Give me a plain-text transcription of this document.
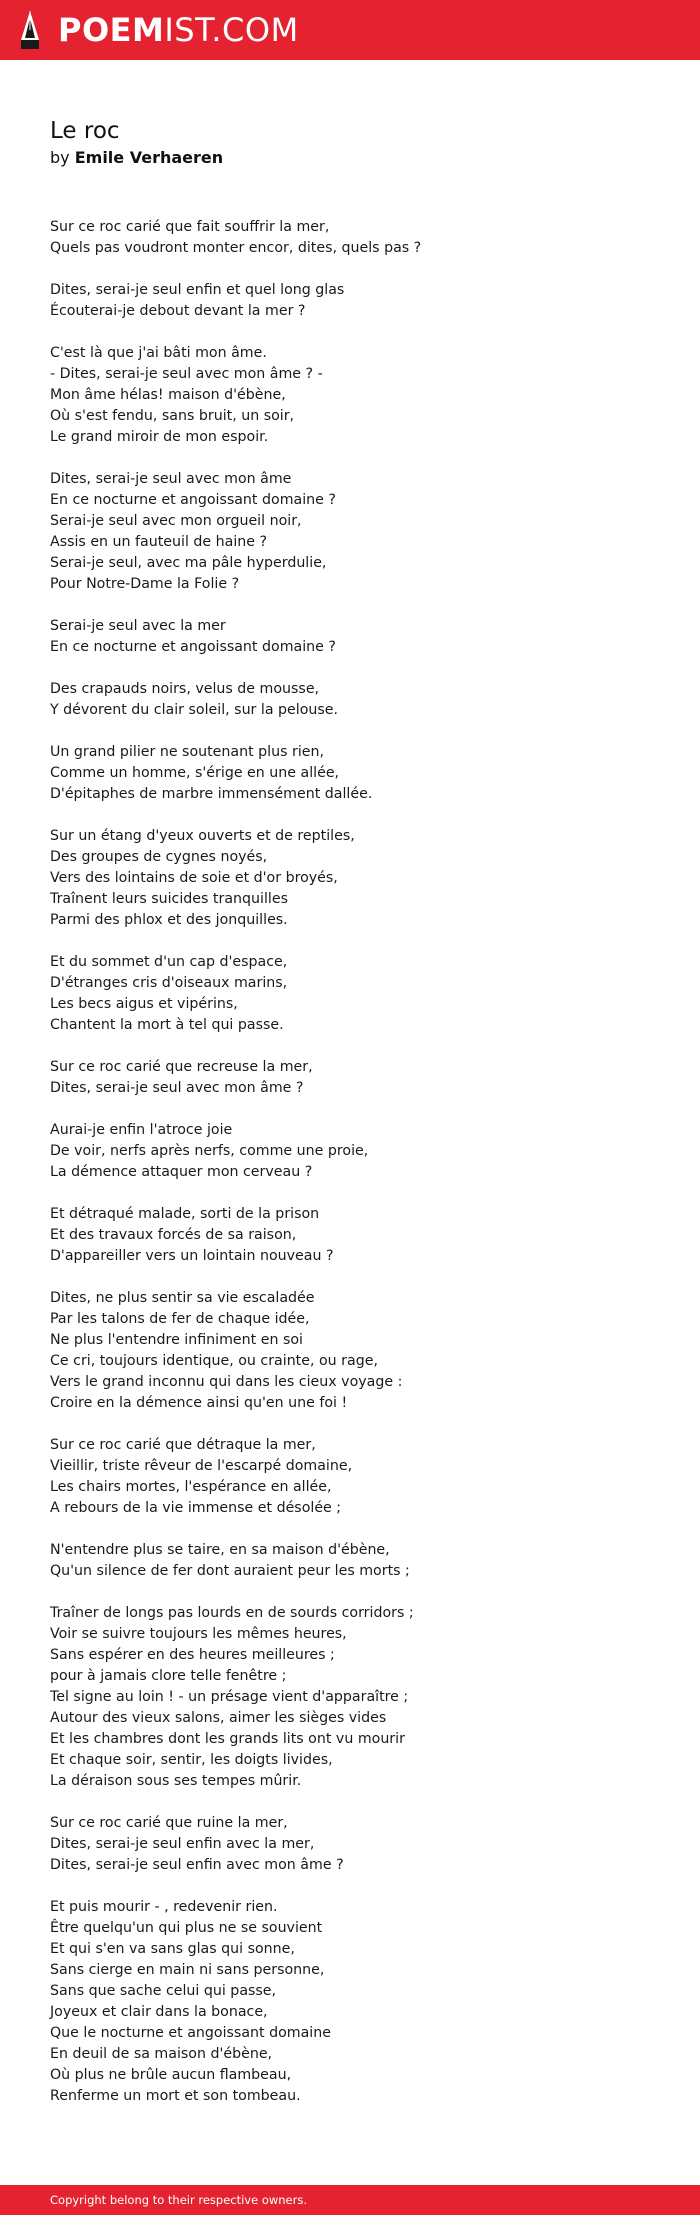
POEM IST.COM
Le roc
by Emile Verhaeren
Sur ce roc carié que fait souffrir la mer,
Quels pas voudront monter encor, dites, quels pas ?
Dites, serai-je seul enfin et quel long glas
Écouterai-je debout devant la mer ?
C'est là que j'ai bâti mon âme.
- Dites, serai-je seul avec mon âme ? -
Mon âme hélas! maison d'ébène,
Où s'est fendu, sans bruit, un soir,
Le grand miroir de mon espoir.
Dites, serai-je seul avec mon âme
En ce nocturne et angoissant domaine ?
Serai-je seul avec mon orgueil noir,
Assis en un fauteuil de haine ?
Serai-je seul, avec ma pâle hyperdulie,
Pour Notre-Dame la Folie ?
Serai-je seul avec la mer
En ce nocturne et angoissant domaine ?
Des crapauds noirs, velus de mousse,
Y dévorent du clair soleil, sur la pelouse.
Un grand pilier ne soutenant plus rien,
Comme un homme, s'érige en une allée,
D'épitaphes de marbre immensément dallée.
Sur un étang d'yeux ouverts et de reptiles,
Des groupes de cygnes noyés,
Vers des lointains de soie et d'or broyés,
Traînent leurs suicides tranquilles
Parmi des phlox et des jonquilles.
Et du sommet d'un cap d'espace,
D'étranges cris d'oiseaux marins,
Les becs aigus et vipérins,
Chantent la mort à tel qui passe.
Sur ce roc carié que recreuse la mer,
Dites, serai-je seul avec mon âme ?
Aurai-je enfin l'atroce joie
De voir, nerfs après nerfs, comme une proie,
La démence attaquer mon cerveau ?
Et détraqué malade, sorti de la prison
Et des travaux forcés de sa raison,
D'appareiller vers un lointain nouveau ?
Dites, ne plus sentir sa vie escaladée
Par les talons de fer de chaque idée,
Ne plus l'entendre infiniment en soi
Ce cri, toujours identique, ou crainte, ou rage,
Vers le grand inconnu qui dans les cieux voyage :
Croire en la démence ainsi qu'en une foi !
Sur ce roc carié que détraque la mer,
Vieillir, triste rêveur de l'escarpé domaine,
Les chairs mortes, l'espérance en allée,
A rebours de la vie immense et désolée ;
N'entendre plus se taire, en sa maison d'ébène,
Qu'un silence de fer dont auraient peur les morts ;
Traîner de longs pas lourds en de sourds corridors ;
Voir se suivre toujours les mêmes heures,
Sans espérer en des heures meilleures ;
pour à jamais clore telle fenêtre ;
Tel signe au loin ! - un présage vient d'apparaître ;
Autour des vieux salons, aimer les sièges vides
Et les chambres dont les grands lits ont vu mourir
Et chaque soir, sentir, les doigts livides,
La déraison sous ses tempes mûrir.
Sur ce roc carié que ruine la mer,
Dites, serai-je seul enfin avec la mer,
Dites, serai-je seul enfin avec mon âme ?
Et puis mourir - , redevenir rien.
Être quelqu'un qui plus ne se souvient
Et qui s'en va sans glas qui sonne,
Sans cierge en main ni sans personne,
Sans que sache celui qui passe,
Joyeux et clair dans la bonace,
Que le nocturne et angoissant domaine
En deuil de sa maison d'ébène,
Où plus ne brûle aucun flambeau,
Renferme un mort et son tombeau.
Copyright belong to their respective owners.
